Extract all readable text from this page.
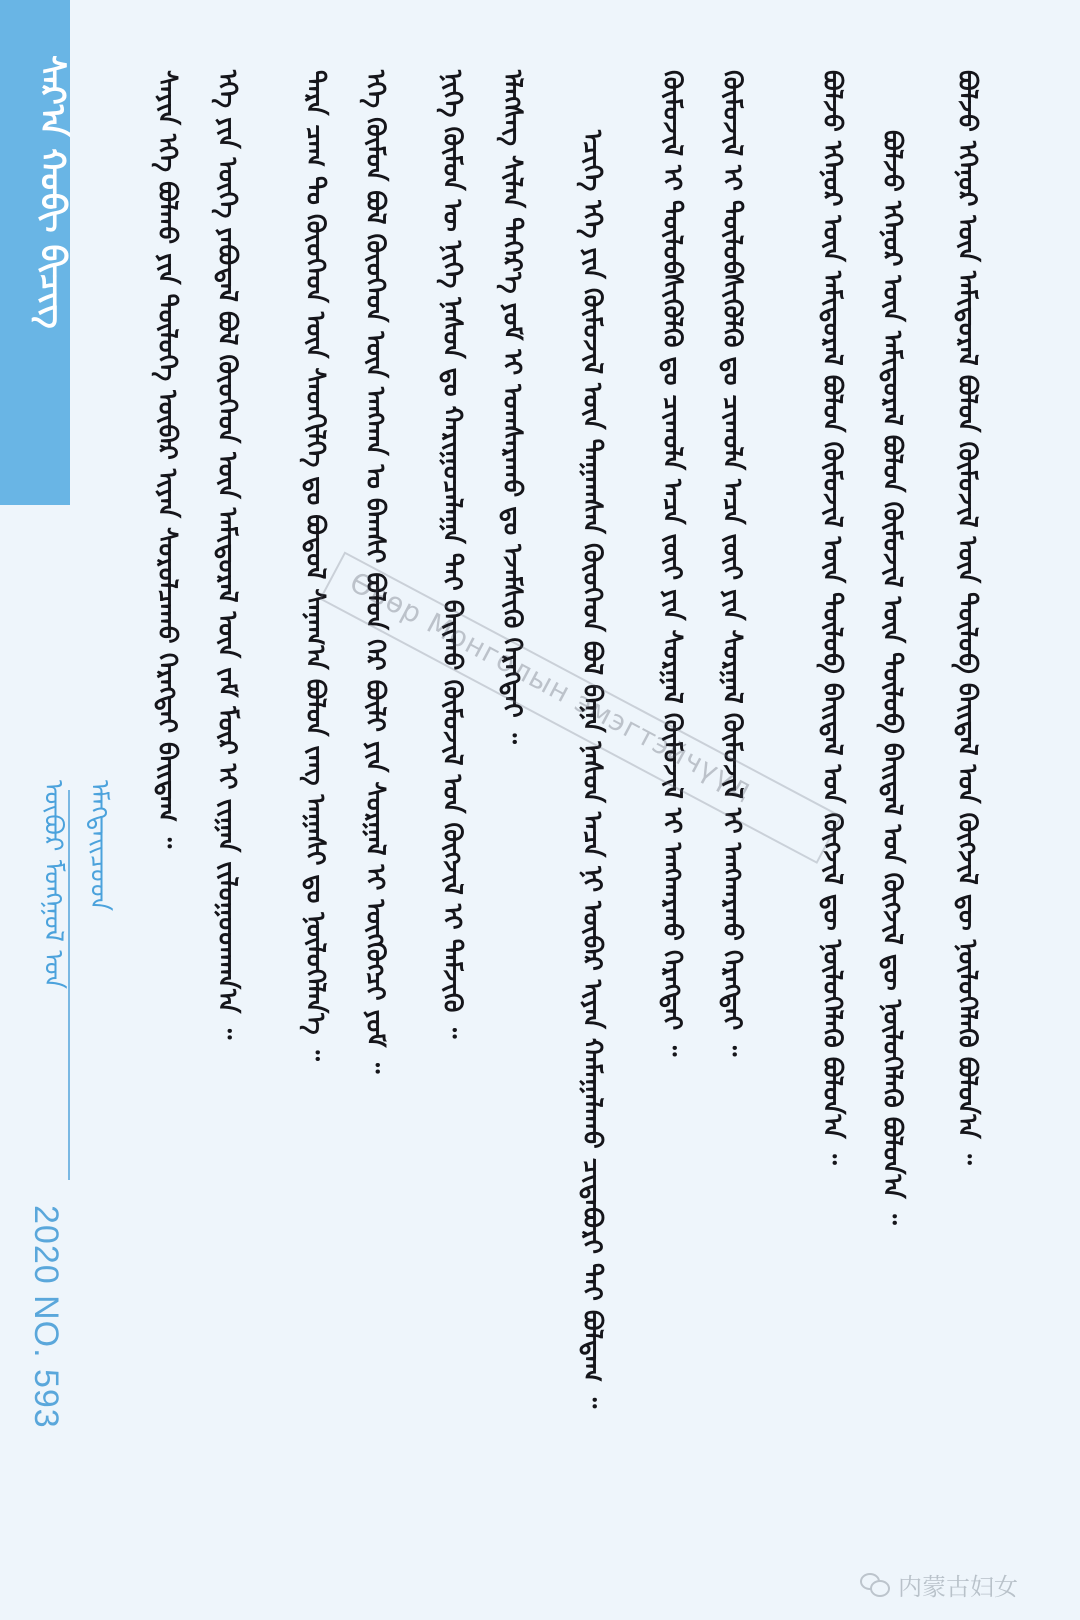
ᠰᠠᠷ᠎ᠠ ᠬᠤᠪᠢ ᠪᠢᠴᠢᠭ
ᠥᠪᠥᠷ ᠮᠣᠩᠭᠣᠯ ᠤᠨ ᠡᠮᠡᠭᠲᠡᠢᠴᠦᠳ
2020 NO. 593
ᠰᠠᠶᠢᠨ ᠡᠬᠡ ᠪᠣᠯᠬᠤ ᠶᠢᠨ ᠲᠥᠯᠦᠭᠡ ᠥᠪᠡᠷ ᠢᠶᠡᠨ ᠰᠤᠷᠤᠯᠴᠠᠬᠤ ᠬᠡᠷᠡᠭᠲᠡᠢ ᠪᠠᠢᠳᠠᠭ ᠃ ᠡᠬᠡ ᠶᠢᠨ ᠦᠭᠡ ᠶᠠᠪᠤᠳᠠᠯ ᠪᠣᠯ ᠬᠦᠦᠬᠡᠳ ᠦᠨ ᠠᠮᠢᠳᠤᠷᠠᠯ ᠦᠨ ᠵᠠᠮ ᠮᠥᠷ ᠢ ᠵᠢᠭᠠᠨ ᠵᠢᠯᠤᠭᠤᠳᠬᠠᠨ᠎ᠠ ᠃ ᠲᠡᠷᠡ ᠴᠠᠭ ᠲᠤ ᠬᠦᠦᠬᠡᠳ ᠦᠨ ᠰᠡᠳᠬᠢᠯᠭᠡ ᠳᠤ ᠪᠣᠳᠤᠯ ᠰᠠᠨᠠᠭ᠎ᠠ ᠪᠣᠯᠤᠨ ᠵᠠᠩ ᠠᠭᠠᠰᠢ ᠳᠤ ᠨᠥᠯᠦᠭᠡᠯᠡᠨ᠎ᠡ ᠃ ᠡᠬᠡ ᠬᠦᠮᠦᠨ ᠪᠣᠯ ᠬᠦᠦᠬᠡᠳ ᠦᠨ ᠠᠩᠬᠠᠨ ᠤ ᠪᠠᠭᠰᠢ ᠪᠣᠯᠤᠨ ᠭᠡᠷ ᠪᠦᠯᠢ ᠶᠢᠨ ᠰᠤᠷᠭᠠᠯ ᠢ ᠥᠭᠭᠦᠭᠴᠢ ᠶᠤᠮ ᠃ ᠨᠢᠭᠡ ᠬᠦᠮᠦᠨ ᠦ ᠨᠢᠭᠡ ᠨᠠᠰᠤᠨ ᠳᠤ ᠬᠠᠷᠢᠭᠤᠴᠠᠯᠠᠭᠠ ᠲᠠᠢ ᠪᠠᠢᠬᠤ ᠬᠦᠮᠦᠵᠢᠯ ᠤᠨ ᠬᠥᠭᠵᠢᠯ ᠢ ᠳᠡᠮᠵᠢᠬᠦ ᠃ ᠡᠯᠡᠭᠰᠡᠭ ᠰᠢᠯᠡᠨ ᠳᠡᠭᠡᠷ᠎ᠡ ᠶᠤᠮ ᠢ ᠤᠭᠰᠠᠷᠠᠬᠤ ᠳᠤ ᠡᠵᠡᠮᠰᠢᠬᠦ ᠬᠡᠷᠡᠭᠲᠡᠢ ᠃ ᠡᠴᠢᠭᠡ ᠡᠬᠡ ᠶᠢᠨ ᠬᠦᠮᠦᠵᠢᠯ ᠦᠨ ᠳᠠᠭᠠᠭᠰᠠᠨ ᠬᠦᠦᠬᠡᠳ ᠪᠣᠯ ᠪᠠᠭᠠ ᠨᠠᠰᠤᠨ ᠠᠴᠠ ᠨᠢ ᠥᠪᠡᠷ ᠢᠶᠡᠨ ᠬᠠᠮᠠᠭᠠᠯᠠᠬᠤ ᠴᠢᠳᠠᠪᠤᠷᠢ ᠲᠠᠢ ᠪᠣᠯᠳᠠᠭ ᠃ ᠬᠦᠮᠦᠵᠢᠯ ᠢ ᠲᠥᠯᠦᠪᠰᠢᠭᠦᠯᠬᠦ ᠳᠤ ᠴᠢᠬᠤᠯᠠ ᠠᠴᠠ ᠵᠦᠢ ᠶᠢᠨ ᠰᠤᠷᠭᠠᠯ ᠬᠦᠮᠦᠵᠢᠯ ᠢ ᠠᠩᠬᠠᠷᠬᠤ ᠬᠡᠷᠡᠭᠲᠡᠢ ᠃ ᠬᠦᠮᠦᠵᠢᠯ ᠢ ᠲᠥᠯᠦᠪᠰᠢᠭᠦᠯᠬᠦ ᠳᠤ ᠴᠢᠬᠤᠯᠠ ᠠᠴᠠ ᠵᠦᠢ ᠶᠢᠨ ᠰᠤᠷᠭᠠᠯ ᠬᠦᠮᠦᠵᠢᠯ ᠢ ᠠᠩᠬᠠᠷᠬᠤ ᠬᠡᠷᠡᠭᠲᠡᠢ ᠃	ᠪᠣᠯᠵᠤ ᠡᠬᠡᠨᠦᠷ ᠦᠨ ᠠᠮᠢᠳᠤᠷᠠᠯ ᠪᠣᠯᠤᠨ ᠬᠦᠮᠦᠵᠢᠯ ᠦᠨ ᠲᠥᠯᠦᠪ ᠪᠠᠢᠳᠠᠯ ᠤᠨ ᠬᠥᠭᠵᠢᠯ ᠳᠦ ᠨᠥᠯᠦᠭᠡᠯᠡᠬᠦ ᠪᠣᠯᠤᠨ᠎ᠠ ᠃ ᠪᠣᠯᠵᠤ ᠡᠬᠡᠨᠦᠷ ᠦᠨ ᠠᠮᠢᠳᠤᠷᠠᠯ ᠪᠣᠯᠤᠨ ᠬᠦᠮᠦᠵᠢᠯ ᠦᠨ ᠲᠥᠯᠦᠪ ᠪᠠᠢᠳᠠᠯ ᠤᠨ ᠬᠥᠭᠵᠢᠯ ᠳᠦ ᠨᠥᠯᠦᠭᠡᠯᠡᠬᠦ ᠪᠣᠯᠤᠨ᠎ᠠ ᠃ ᠪᠣᠯᠵᠤ ᠡᠬᠡᠨᠦᠷ ᠦᠨ ᠠᠮᠢᠳᠤᠷᠠᠯ ᠪᠣᠯᠤᠨ ᠬᠦᠮᠦᠵᠢᠯ ᠦᠨ ᠲᠥᠯᠦᠪ ᠪᠠᠢᠳᠠᠯ ᠤᠨ ᠬᠥᠭᠵᠢᠯ ᠳᠦ ᠨᠥᠯᠦᠭᠡᠯᠡᠬᠦ ᠪᠣᠯᠤᠨ᠎ᠠ ᠃
Өвөр Монголын эмэгтэйчүүд
内蒙古妇女
